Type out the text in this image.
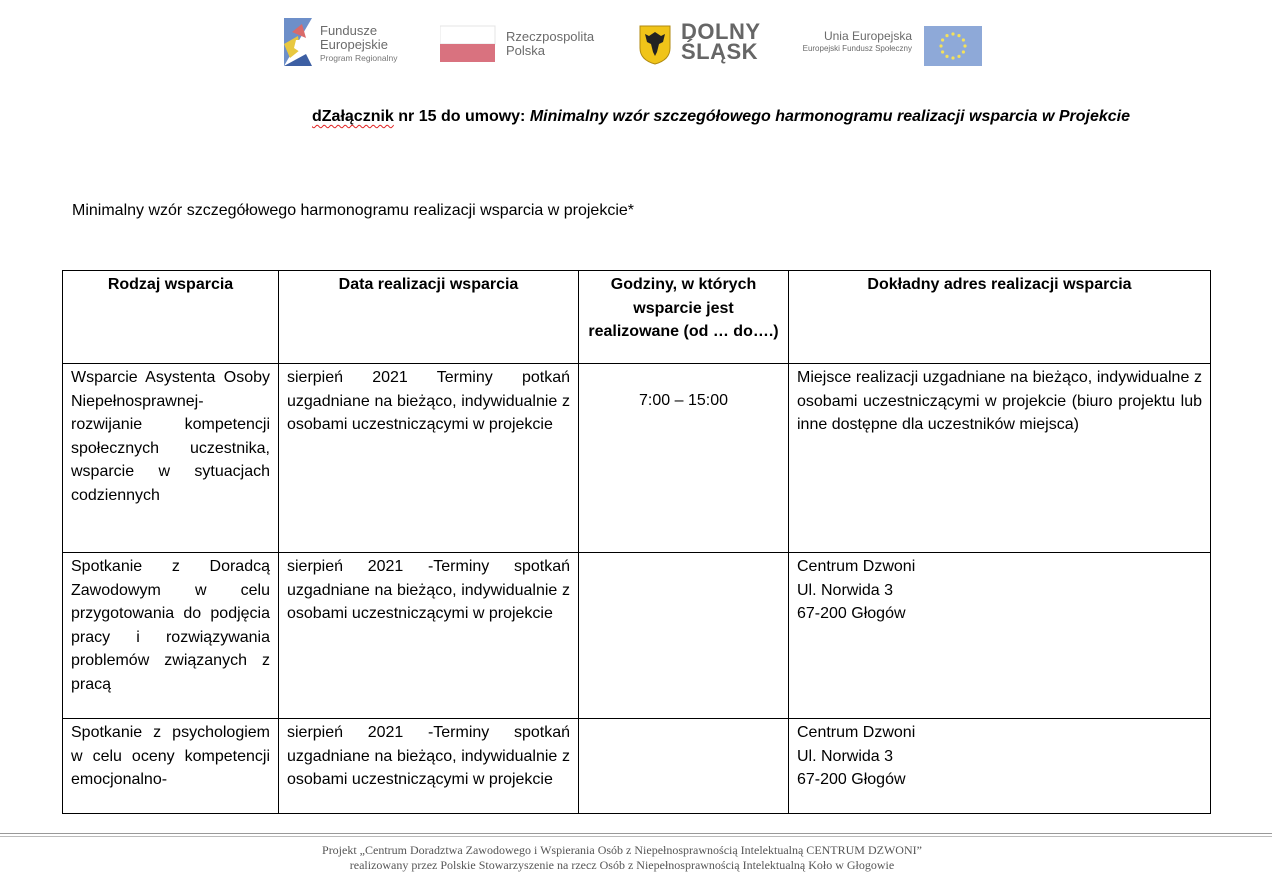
Fundusze
Europejskie
Program Regionalny
Rzeczpospolita
Polska
DOLNY
ŚLĄSK
Unia Europejska
Europejski Fundusz Społeczny
dZałącznik nr 15 do umowy: Minimalny wzór szczegółowego harmonogramu realizacji wsparcia w Projekcie
Minimalny wzór szczegółowego harmonogramu realizacji wsparcia w projekcie*
Rodzaj wsparcia	Data realizacji wsparcia	Godziny, w których wsparcie jest realizowane (od … do….)	Dokładny adres realizacji wsparcia
Wsparcie Asystenta Osoby Niepełnosprawnej- rozwijanie kompetencji społecznych uczestnika, wsparcie w sytuacjach codziennych	sierpień 2021 Terminy potkań uzgadniane na bieżąco, indywidualnie z osobami uczestniczącymi w projekcie	7:00 – 15:00	Miejsce realizacji uzgadniane na bieżąco, indywidualne z osobami uczestniczącymi w projekcie (biuro projektu lub inne dostępne dla uczestników miejsca)
Spotkanie z Doradcą Zawodowym w celu przygotowania do podjęcia pracy i rozwiązywania problemów związanych z pracą	sierpień 2021 -Terminy spotkań uzgadniane na bieżąco, indywidualnie z osobami uczestniczącymi w projekcie		Centrum Dzwoni
Ul. Norwida 3
67-200 Głogów

Spotkanie z psychologiem w celu oceny kompetencji emocjonalno-	sierpień 2021 -Terminy spotkań uzgadniane na bieżąco, indywidualnie z osobami uczestniczącymi w projekcie		Centrum Dzwoni
Ul. Norwida 3
67-200 Głogów
Projekt „Centrum Doradztwa Zawodowego i Wspierania Osób z Niepełnosprawnością Intelektualną CENTRUM DZWONI”
realizowany przez Polskie Stowarzyszenie na rzecz Osób z Niepełnosprawnością Intelektualną Koło w Głogowie
